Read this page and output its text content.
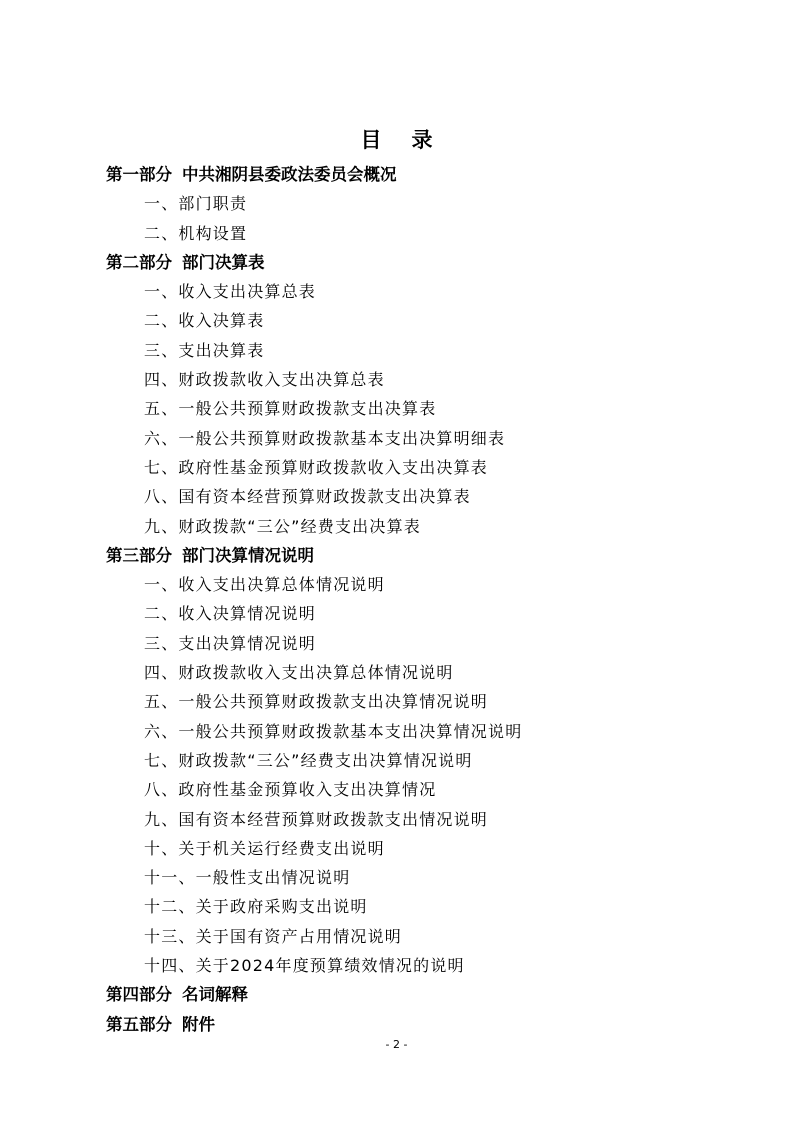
目录
第一部分 中共湘阴县委政法委员会概况
一、部门职责
二、机构设置
第二部分 部门决算表
一、收入支出决算总表
二、收入决算表
三、支出决算表
四、财政拨款收入支出决算总表
五、一般公共预算财政拨款支出决算表
六、一般公共预算财政拨款基本支出决算明细表
七、政府性基金预算财政拨款收入支出决算表
八、国有资本经营预算财政拨款支出决算表
九、财政拨款“三公”经费支出决算表
第三部分 部门决算情况说明
一、收入支出决算总体情况说明
二、收入决算情况说明
三、支出决算情况说明
四、财政拨款收入支出决算总体情况说明
五、一般公共预算财政拨款支出决算情况说明
六、一般公共预算财政拨款基本支出决算情况说明
七、财政拨款“三公”经费支出决算情况说明
八、政府性基金预算收入支出决算情况
九、国有资本经营预算财政拨款支出情况说明
十、关于机关运行经费支出说明
十一、一般性支出情况说明
十二、关于政府采购支出说明
十三、关于国有资产占用情况说明
十四、关于2024年度预算绩效情况的说明
第四部分 名词解释
第五部分 附件
- 2 -
